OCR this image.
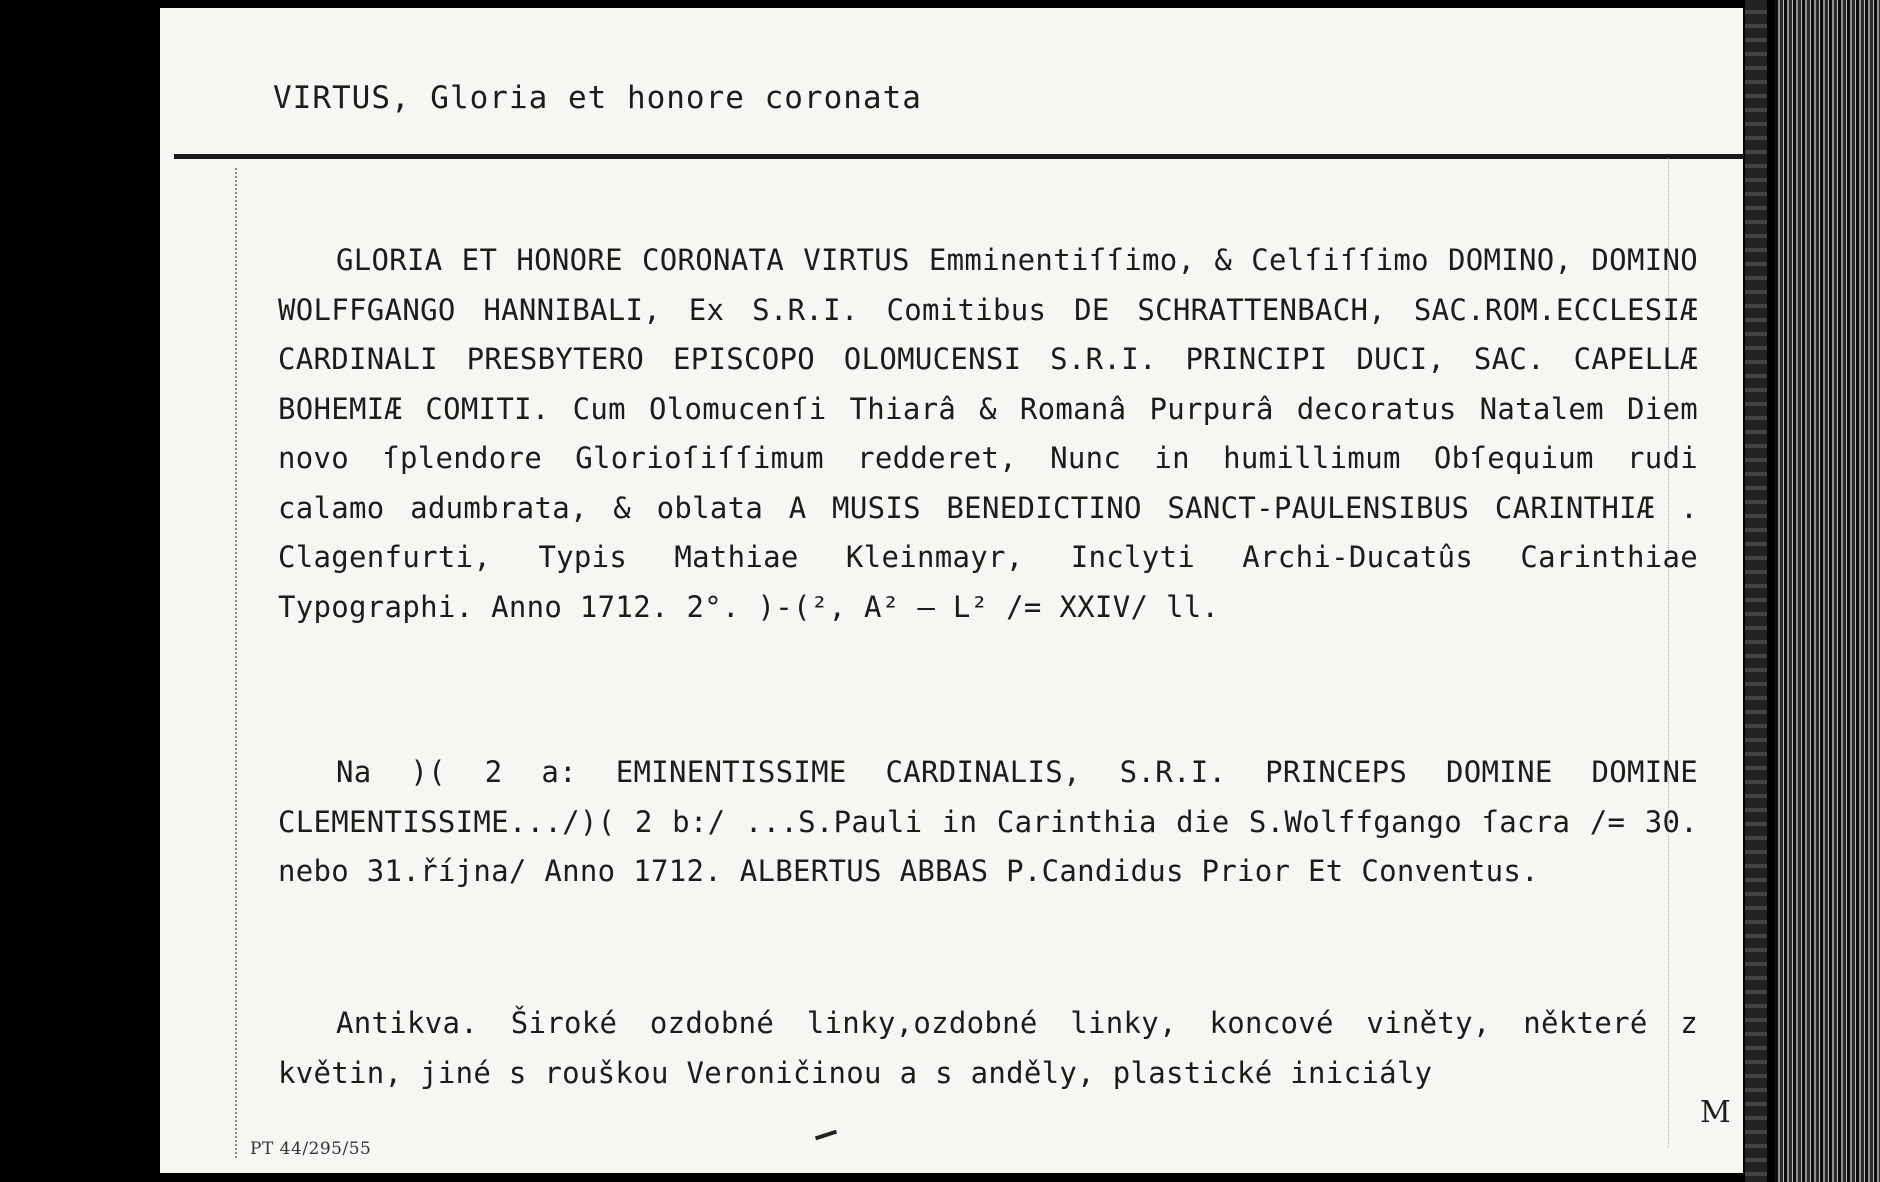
VIRTUS, Gloria et honore coronata

GLORIA ET HONORE CORONATA VIRTUS Emminentiſſimo, & Celſiſſimo DOMINO, DOMINO WOLFFGANGO HANNIBALI, Ex S.R.I. Comitibus DE SCHRATTENBACH, SAC.ROM.ECCLESIÆ CARDINALI PRESBYTERO EPISCOPO OLOMUCENSI S.R.I. PRINCIPI DUCI, SAC. CAPELLÆ BOHEMIÆ COMITI. Cum Olomucenſi Thiarâ & Romanâ Purpurâ decoratus Natalem Diem novo ſplendore Glorioſiſſimum redderet, Nunc in humillimum Obſequium rudi calamo adumbrata, & oblata A MUSIS BENEDICTINO SANCT-PAULENSIBUS CARINTHIÆ . Clagenfurti, Typis Mathiae Kleinmayr, Inclyti Archi-Ducatûs Carinthiae Typographi. Anno 1712. 2°. )-(², A² – L² /= XXIV/ ll.

Na )( 2 a: EMINENTISSIME CARDINALIS, S.R.I. PRINCEPS DOMINE DOMINE CLEMENTISSIME.../)( 2 b:/ ...S.Pauli in Carinthia die S.Wolffgango ſacra /= 30. nebo 31.října/ Anno 1712. ALBERTUS ABBAS P.Candidus Prior Et Conventus.

Antikva. Široké ozdobné linky,ozdobné linky, koncové viněty, některé z květin, jiné s rouškou Veroničinou a s anděly, plastické iniciály

PT 44/295/55
M
